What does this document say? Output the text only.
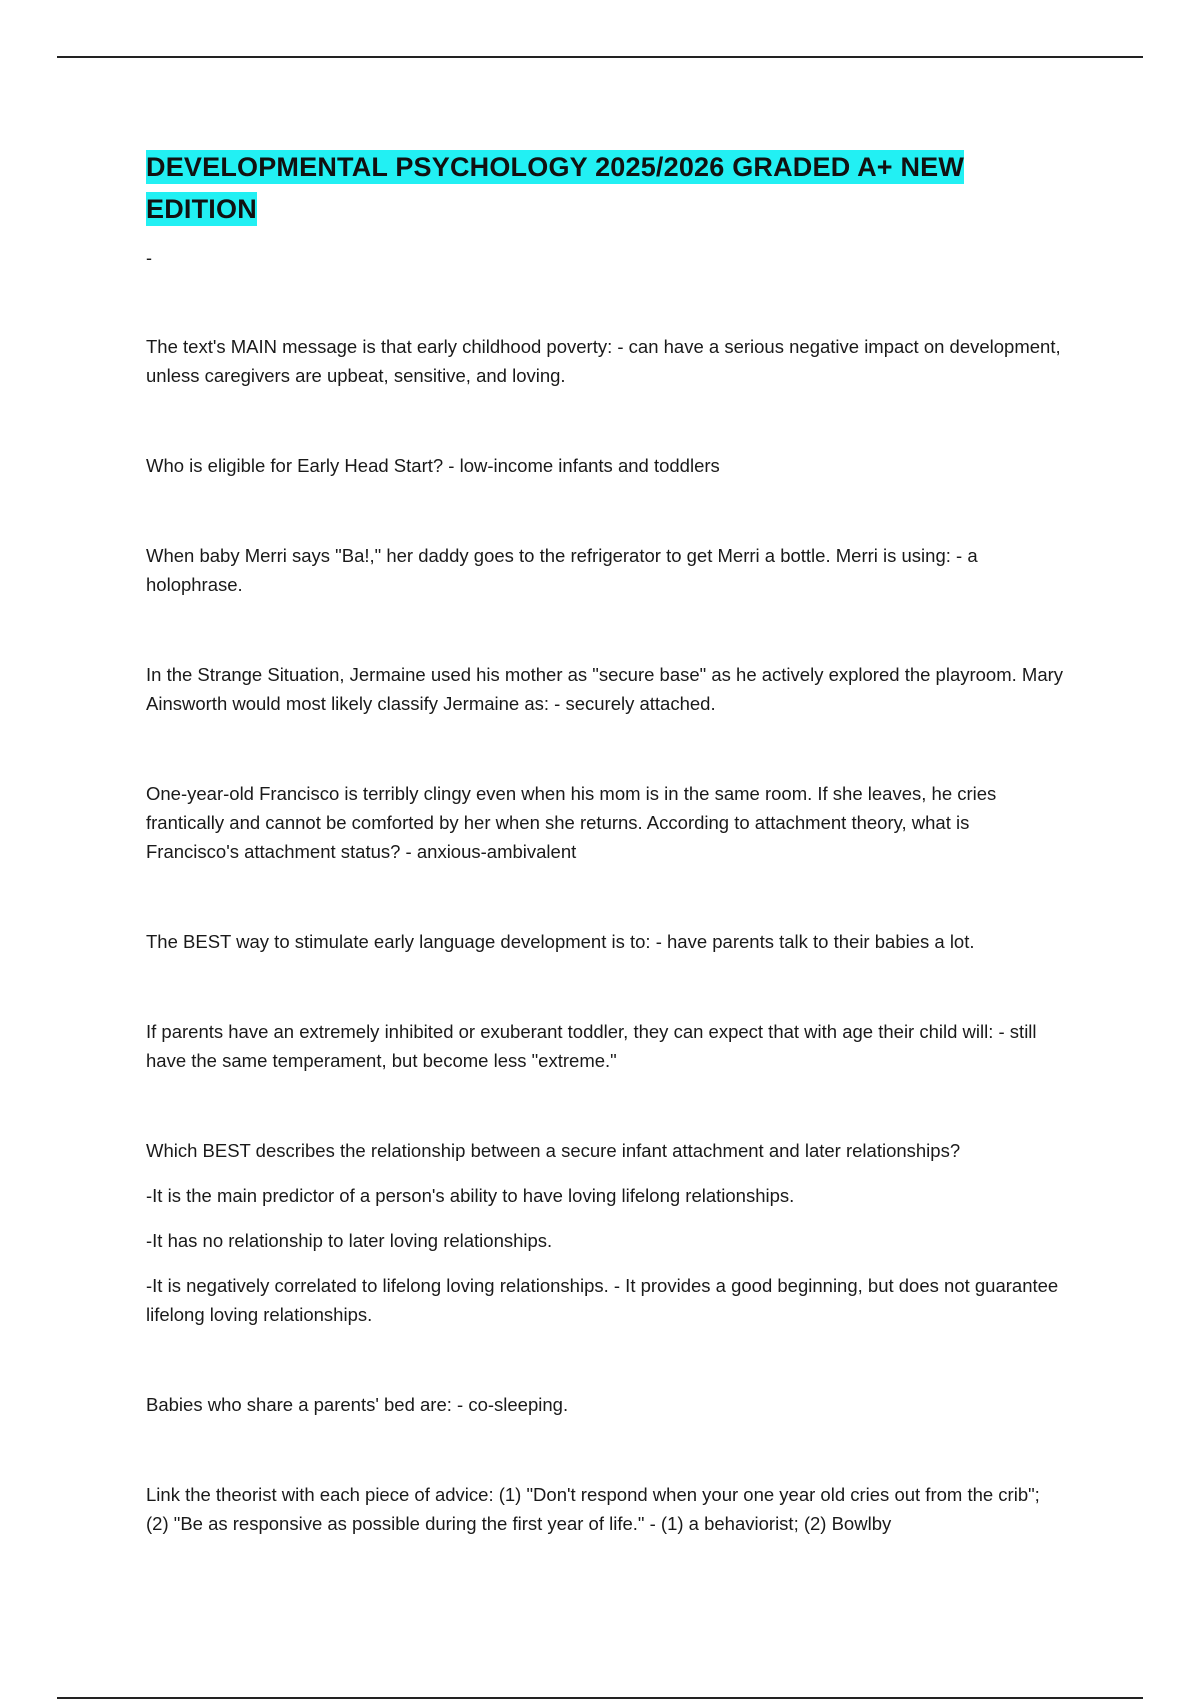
DEVELOPMENTAL PSYCHOLOGY 2025/2026 GRADED A+ NEW EDITION
-

The text's MAIN message is that early childhood poverty: - can have a serious negative impact on development, unless caregivers are upbeat, sensitive, and loving.

Who is eligible for Early Head Start? - low-income infants and toddlers

When baby Merri says "Ba!," her daddy goes to the refrigerator to get Merri a bottle. Merri is using: - a holophrase.

In the Strange Situation, Jermaine used his mother as "secure base" as he actively explored the playroom. Mary Ainsworth would most likely classify Jermaine as: - securely attached.

One-year-old Francisco is terribly clingy even when his mom is in the same room. If she leaves, he cries frantically and cannot be comforted by her when she returns. According to attachment theory, what is Francisco's attachment status? - anxious-ambivalent

The BEST way to stimulate early language development is to: - have parents talk to their babies a lot.

If parents have an extremely inhibited or exuberant toddler, they can expect that with age their child will: - still have the same temperament, but become less "extreme."

Which BEST describes the relationship between a secure infant attachment and later relationships?

-It is the main predictor of a person's ability to have loving lifelong relationships.

-It has no relationship to later loving relationships.

-It is negatively correlated to lifelong loving relationships. - It provides a good beginning, but does not guarantee lifelong loving relationships.

Babies who share a parents' bed are: - co-sleeping.

Link the theorist with each piece of advice: (1) "Don't respond when your one year old cries out from the crib"; (2) "Be as responsive as possible during the first year of life." - (1) a behaviorist; (2) Bowlby
